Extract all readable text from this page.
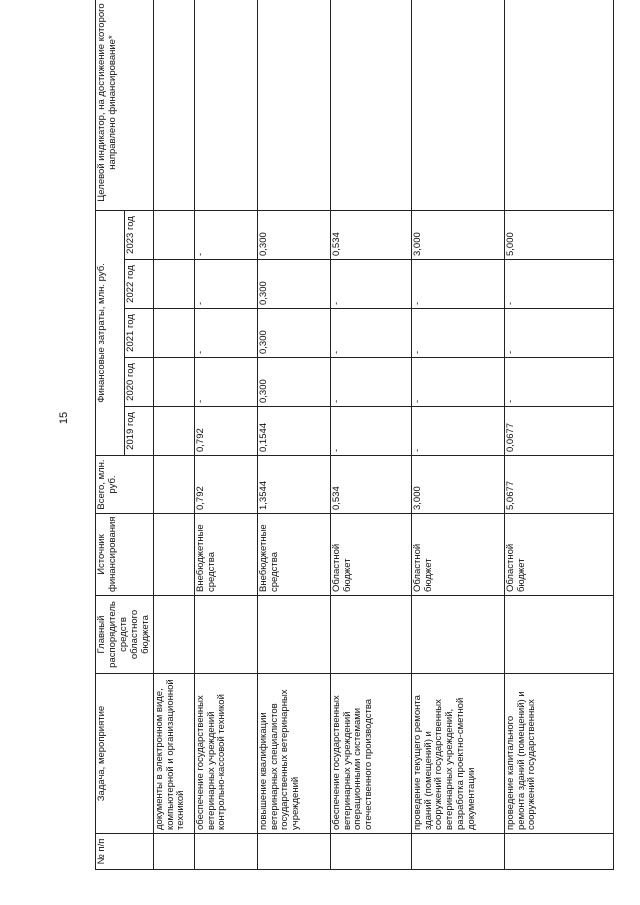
15
№ п/п	Задача, мероприятие	Главный распорядитель средств областного бюджета	Источник финансирования	Всего, млн. руб.	Финансовые затраты, млн. руб.					Целевой индикатор, на достижение которого направлено финансирование*
					2019 год	2020 год	2021 год	2022 год	2023 год	
	документы в электронном виде, компьютерной и организационной техникой									
	обеспечение государственных ветеринарных учреждений контрольно-кассовой техникой		Внебюджетные средства	0,792	0,792	-	-	-	-	
	повышение квалификации ветеринарных специалистов государственных ветеринарных учреждений		Внебюджетные средства	1,3544	0,1544	0,300	0,300	0,300	0,300	
	обеспечение государственных ветеринарных учреждений операционными системами отечественного производства		Областной бюджет	0,534	-	-	-	-	0,534	
	проведение текущего ремонта зданий (помещений) и сооружений государственных ветеринарных учреждений, разработка проектно-сметной документации		Областной бюджет	3,000	-	-	-	-	3,000	
	проведение капитального ремонта зданий (помещений) и сооружений государственных		Областной бюджет	5,0677	0,0677	-	-	-	5,000	
